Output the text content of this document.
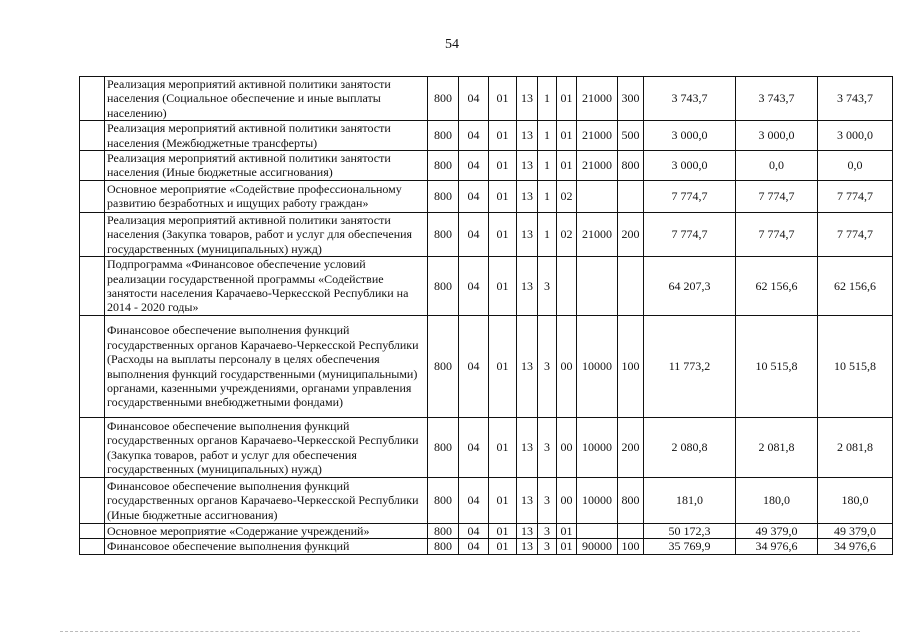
54
	Реализация мероприятий активной политики занятости населения (Социальное обеспечение и иные выплаты населению)	800	04	01	13	1	01	21000	300	3 743,7	3 743,7	3 743,7
	Реализация мероприятий активной политики занятости населения (Межбюджетные трансферты)	800	04	01	13	1	01	21000	500	3 000,0	3 000,0	3 000,0
	Реализация мероприятий активной политики занятости населения (Иные бюджетные ассигнования)	800	04	01	13	1	01	21000	800	3 000,0	0,0	0,0
	Основное мероприятие «Содействие профессиональному развитию безработных и ищущих работу граждан»	800	04	01	13	1	02			7 774,7	7 774,7	7 774,7
	Реализация мероприятий активной политики занятости населения (Закупка товаров, работ и услуг для обеспечения государственных (муниципальных) нужд)	800	04	01	13	1	02	21000	200	7 774,7	7 774,7	7 774,7
	Подпрограмма «Финансовое обеспечение условий реализации государственной программы «Содействие занятости населения Карачаево-Черкесской Республики на 2014 - 2020 годы»	800	04	01	13	3				64 207,3	62 156,6	62 156,6
	Финансовое обеспечение выполнения функций государственных органов Карачаево-Черкесской Республики (Расходы на выплаты персоналу в целях обеспечения выполнения функций государственными (муниципальными) органами, казенными учреждениями, органами управления государственными внебюджетными фондами)	800	04	01	13	3	00	10000	100	11 773,2	10 515,8	10 515,8
	Финансовое обеспечение выполнения функций государственных органов Карачаево-Черкесской Республики (Закупка товаров, работ и услуг для обеспечения государственных (муниципальных) нужд)	800	04	01	13	3	00	10000	200	2 080,8	2 081,8	2 081,8
	Финансовое обеспечение выполнения функций государственных органов Карачаево-Черкесской Республики (Иные бюджетные ассигнования)	800	04	01	13	3	00	10000	800	181,0	180,0	180,0
	Основное мероприятие «Содержание учреждений»	800	04	01	13	3	01			50 172,3	49 379,0	49 379,0
	Финансовое обеспечение выполнения функций	800	04	01	13	3	01	90000	100	35 769,9	34 976,6	34 976,6
